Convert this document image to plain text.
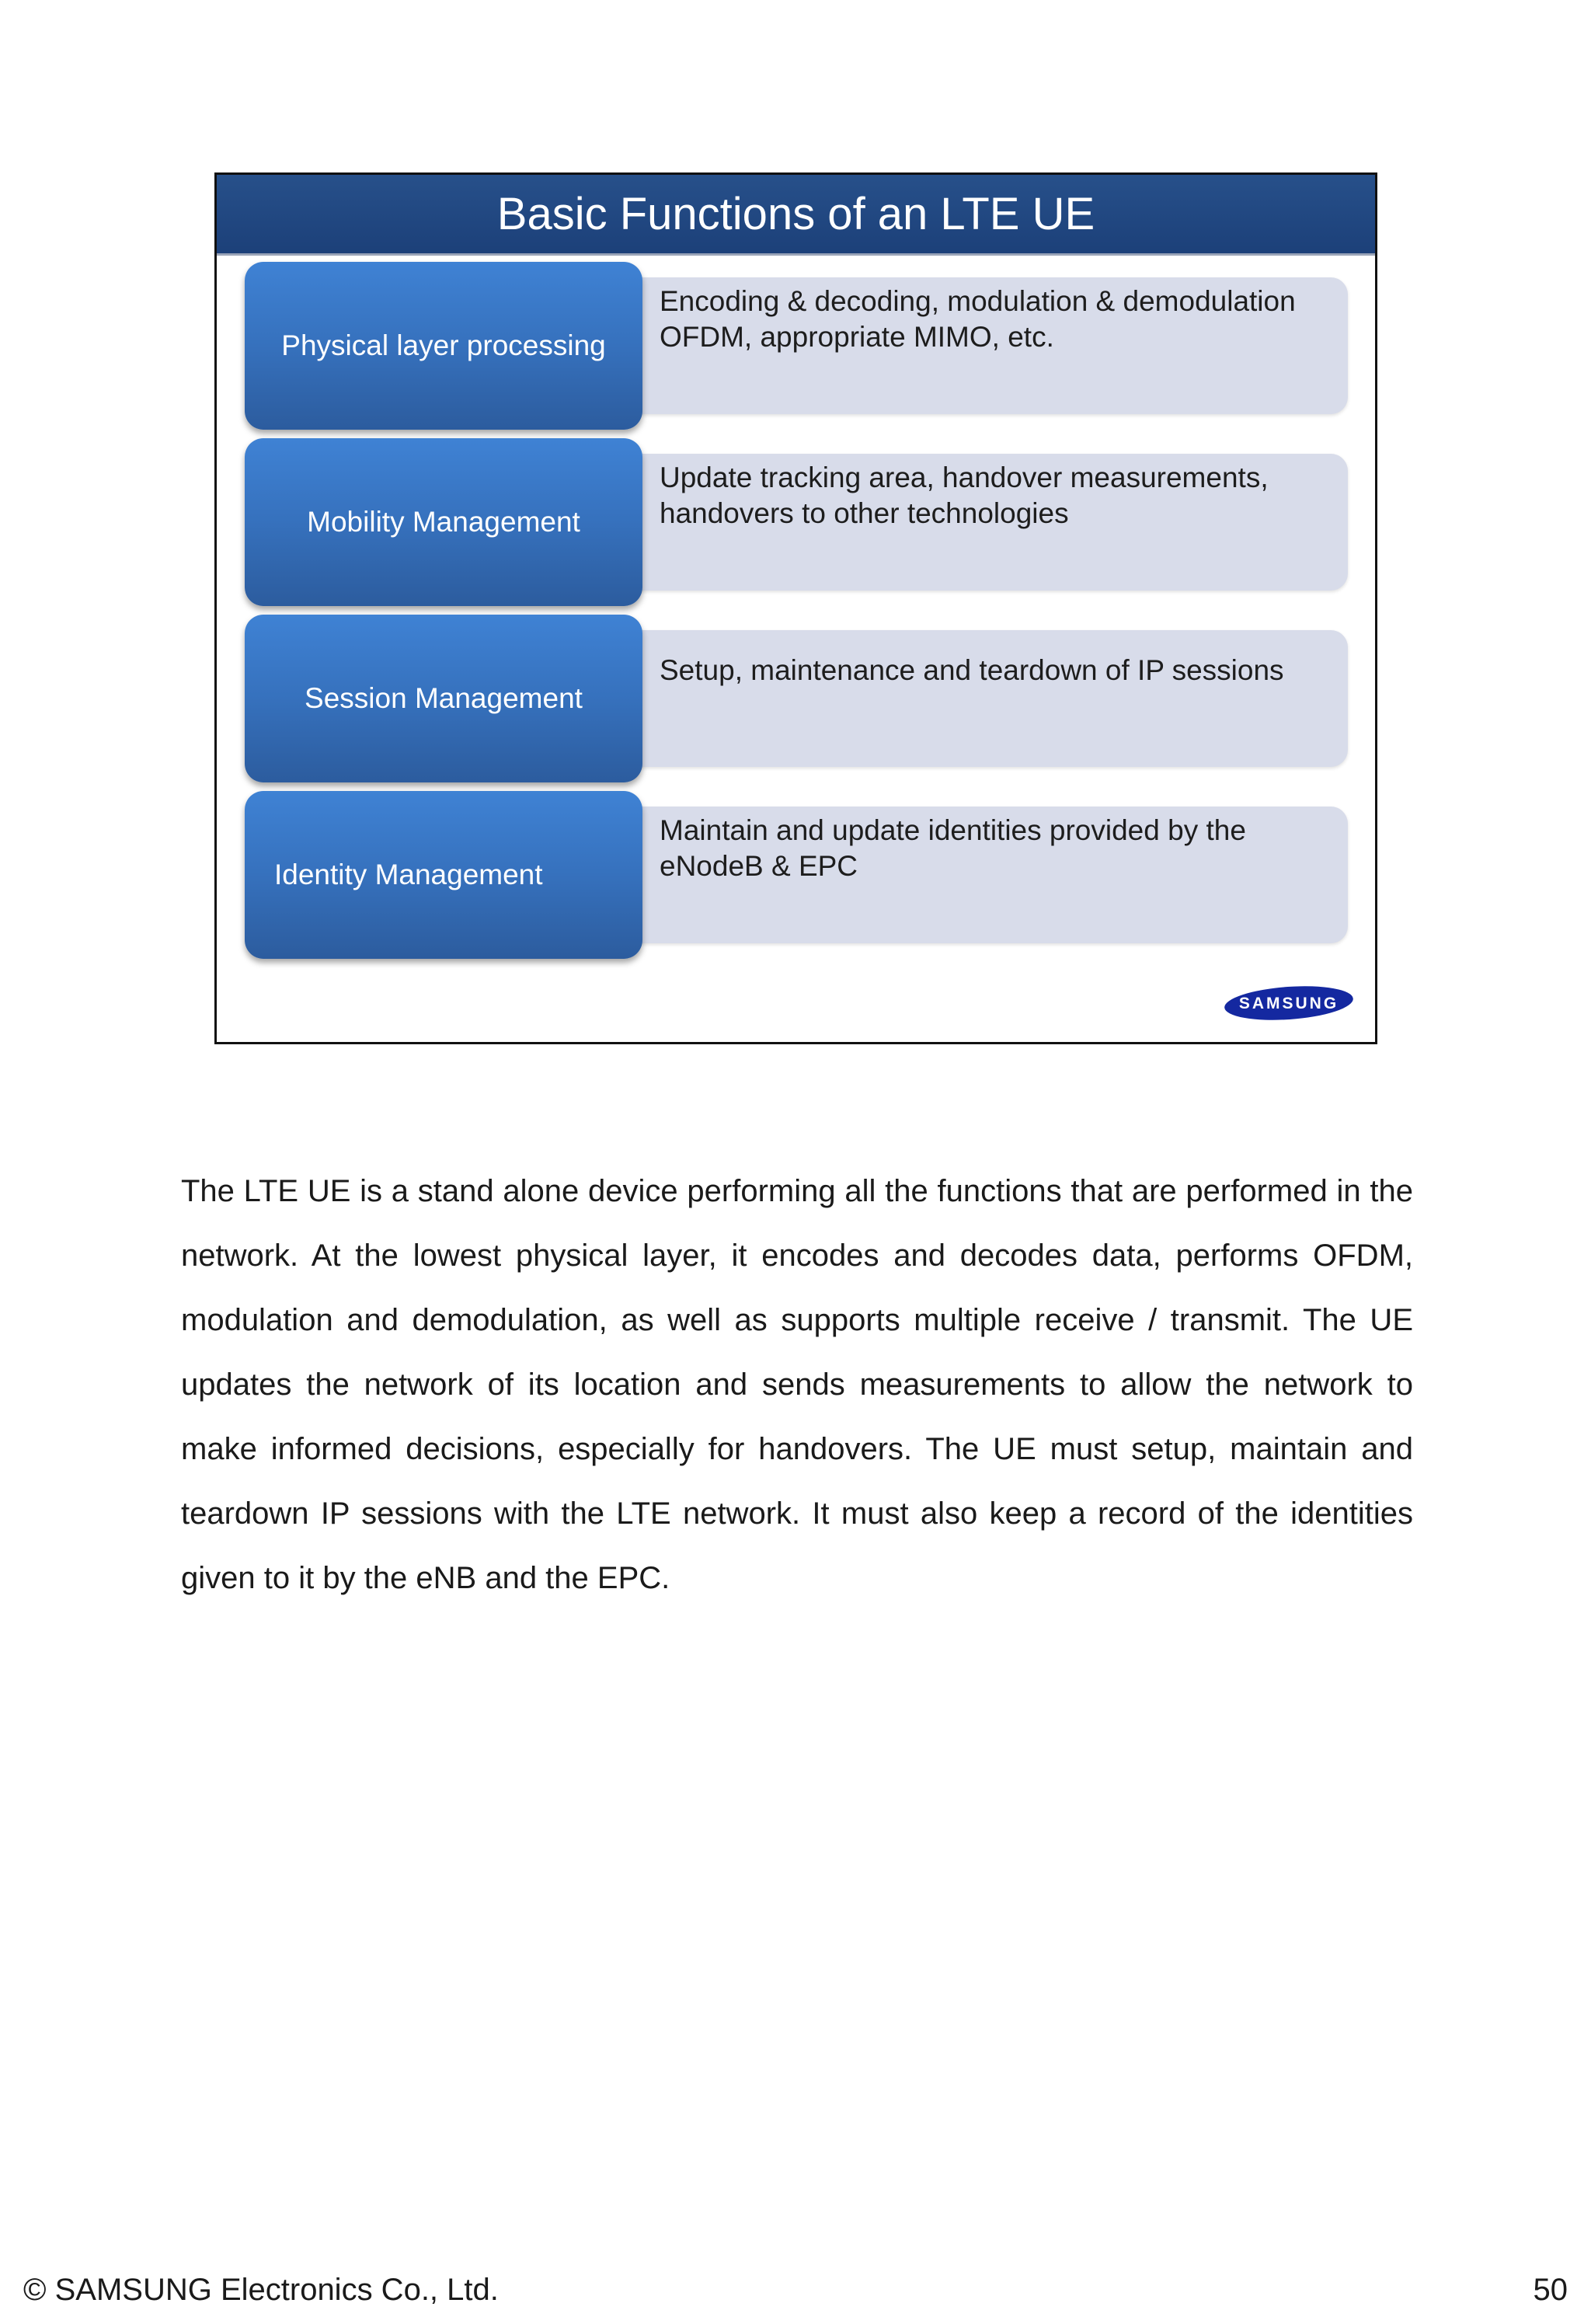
Basic Functions of an LTE UE
Encoding & decoding, modulation & demodulation OFDM, appropriate MIMO, etc.
Physical layer processing
Update tracking area, handover measurements, handovers to other technologies
Mobility Management
Setup, maintenance and teardown of IP sessions
Session Management
Maintain and update identities provided by the eNodeB & EPC
Identity Management
SAMSUNG

The LTE UE is a stand alone device performing all the functions that are performed in the network. At the lowest physical layer, it encodes and decodes data, performs OFDM, modulation and demodulation, as well as supports multiple receive / transmit. The UE updates the network of its location and sends measurements to allow the network to make informed decisions, especially for handovers. The UE must setup, maintain and teardown IP sessions with the LTE network. It must also keep a record of the identities given to it by the eNB and the EPC.

© SAMSUNG Electronics Co., Ltd.	50
